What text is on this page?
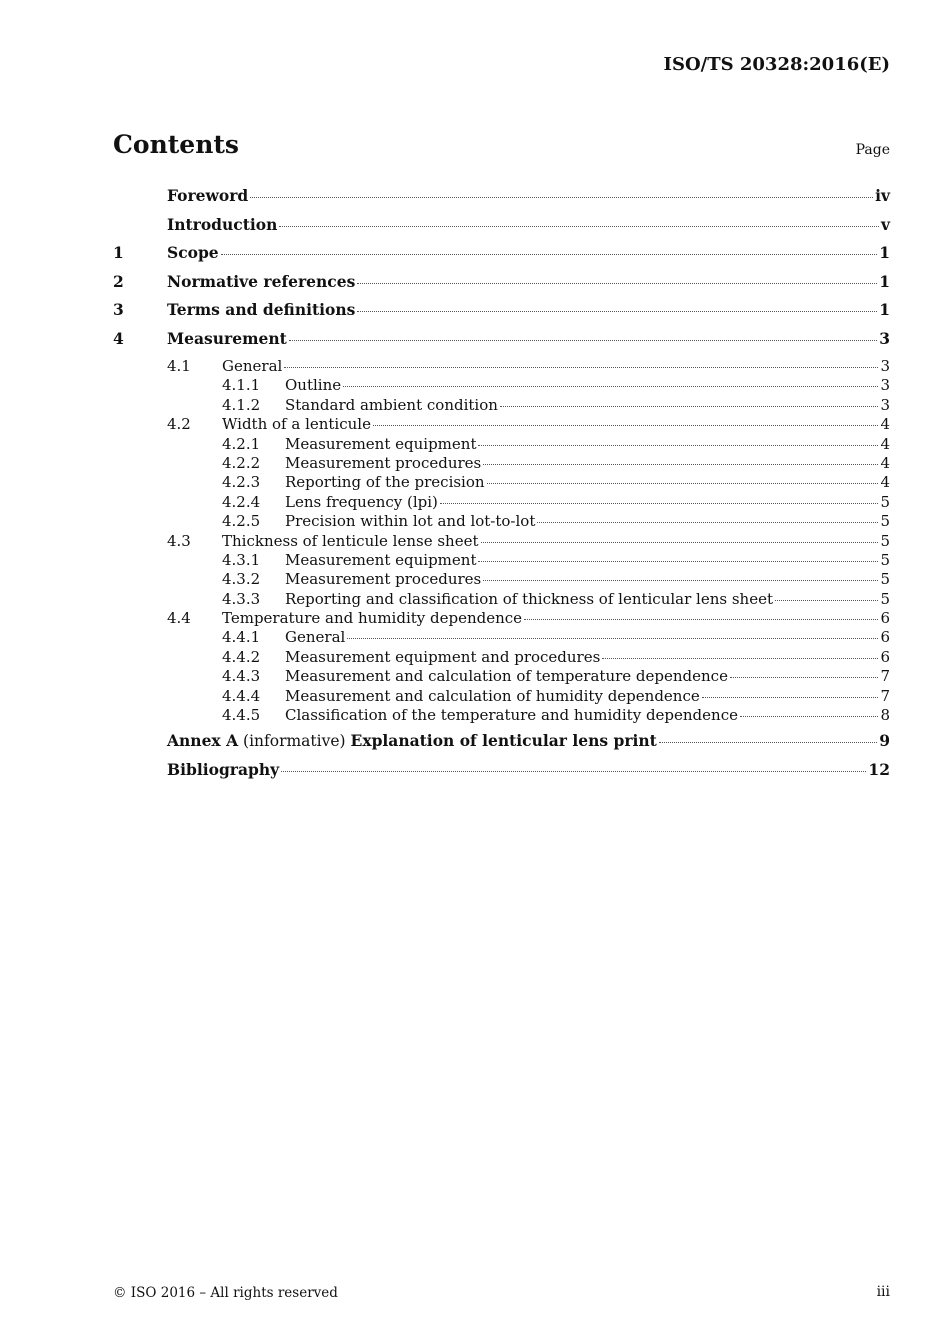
ISO/TS 20328:2016(E)
Contents	Page
Foreword	iv
Introduction	v
1	Scope	1
2	Normative references	1
3	Terms and definitions	1
4	Measurement	3
4.1	General	3
4.1.1	Outline	3
4.1.2	Standard ambient condition	3
4.2	Width of a lenticule	4
4.2.1	Measurement equipment	4
4.2.2	Measurement procedures	4
4.2.3	Reporting of the precision	4
4.2.4	Lens frequency (lpi)	5
4.2.5	Precision within lot and lot-to-lot	5
4.3	Thickness of lenticule lense sheet	5
4.3.1	Measurement equipment	5
4.3.2	Measurement procedures	5
4.3.3	Reporting and classification of thickness of lenticular lens sheet	5
4.4	Temperature and humidity dependence	6
4.4.1	General	6
4.4.2	Measurement equipment and procedures	6
4.4.3	Measurement and calculation of temperature dependence	7
4.4.4	Measurement and calculation of humidity dependence	7
4.4.5	Classification of the temperature and humidity dependence	8
Annex A (informative) Explanation of lenticular lens print	9
Bibliography	12
© ISO 2016 – All rights reserved	iii
